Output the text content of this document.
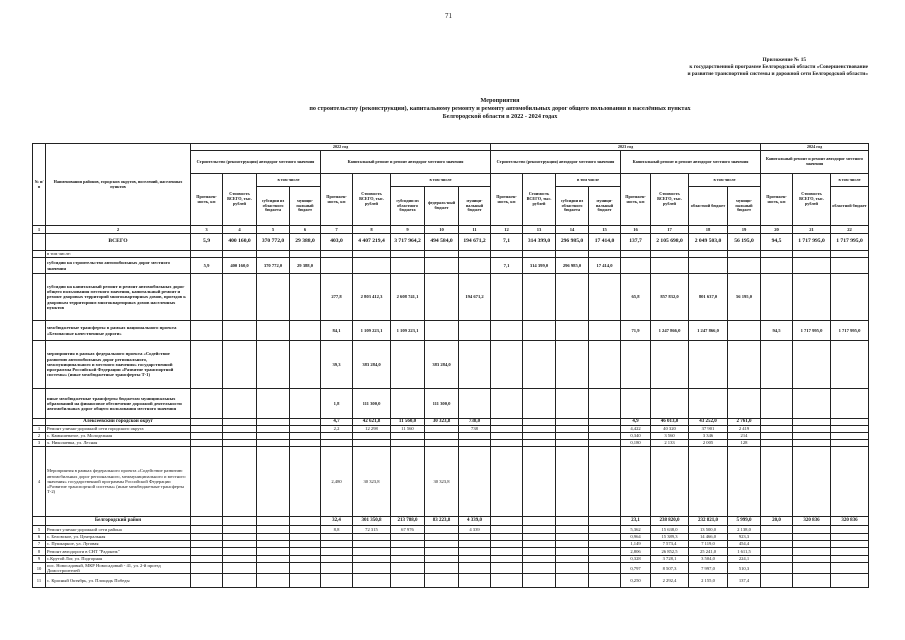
71
Приложение № 15
к государственной программе Белгородской области «Совершенствование
и развитие транспортной системы и дорожной сети Белгородской области»
Мероприятия
по строительству (реконструкции), капитальному ремонту и ремонту автомобильных дорог общего пользования в населённых пунктах
Белгородской области в 2022 - 2024 годах
№ п/п	Наименования районов, городских округов, поселений, населенных пунктов	2022 год									2023 год								2024 год		
		Строительство (реконструкция) автодорог местного значения				Капитальный ремонт и ремонт автодорог местного значения					Строительство (реконструкция) автодорог местного значения				Капитальный ремонт и ремонт автодорог местного значения				Капитальный ремонт и ремонт автодорог местного значения		
		Протяжен-ность, км	Стоимость ВСЕГО, тыс. рублей	в том числе		Протяжен-ность, км	Стоимость ВСЕГО, тыс. рублей	в том числе			Протяжен-ность, км	Стоимость ВСЕГО, тыс. рублей	в том числе		Протяжен-ность, км	Стоимость ВСЕГО, тыс. рублей	в том числе		Протяжен-ность, км	Стоимость ВСЕГО, тыс. рублей	в том числе
				субсидии из областного бюджета	муници-пальный бюджет			субсидии из областного бюджета	федераль-ный бюджет	муници-пальный бюджет			субсидии из областного бюджета	муници-пальный бюджет			областной бюджет	муници-пальный бюджет			областной бюджет
1	2	3	4	5	6	7	8	9	10	11	12	13	14	15	16	17	18	19	20	21	22
	ВСЕГО	5,9	400 160,0	370 772,0	29 388,0	403,0	4 407 219,4	3 717 964,2	494 584,0	194 671,2	7,1	314 399,0	296 985,0	17 414,0	137,7	2 105 698,0	2 049 503,0	56 195,0	94,5	1 717 995,0	1 717 995,0
	в том числе:																				
	субсидии на строительство автомобильных дорог местного значения	5,9	400 160,0	370 772,0	29 388,0						7,1	314 399,0	296 985,0	17 414,0							
	субсидии на капитальный ремонт и ремонт автомобильных дорог общего пользования местного значения, капитальный ремонт и ремонт дворовых территорий многоквартирных домов, проездов к дворовым территориям многоквартирных домов населенных пунктов					277,8	2 803 412,3	2 608 741,1		194 671,2					65,8	857 832,0	801 637,0	56 195,0			
	межбюджетные трансферты в рамках национального проекта «Безопасные качественные дороги»					84,1	1 109 223,1	1 109 223,1							71,9	1 247 866,0	1 247 866,0		94,5	1 717 995,0	1 717 995,0
	мероприятия в рамках федерального проекта «Содействие развитию автомобильных дорог регионального, межмуниципального и местного значения» государственной программы Российской Федерации «Развитие транспортной системы» (иные межбюджетные трансферты Т-1)					39,3	383 284,0		383 284,0												
	иные межбюджетные трансферты бюджетам муниципальных образований на финансовое обеспечение дорожной деятельности автомобильных дорог общего пользования местного значения					1,8	111 300,0		111 300,0												
	Алексеевский городской округ					4,7	42 621,8	11 560,0	30 323,8	738,0					4,9	46 013,0	43 252,0	2 761,0			
1	Ремонт улично-дорожной сети городского округа					2,2	12 298	11 560		738					4,422	40 320	37 901	2 419			
2	с. Камышеватое, ул. Молодежная														0,340	3 560	3 346	214			
3	х. Николаевка, ул. Лесная														0,180	2 133	2 005	128			
4	Мероприятия в рамках федерального проекта «Содействие развитию автомобильных дорог регионального, межмуниципального и местного значения» государственной программы Российской Федерации «Развитие транспортной системы» (иные межбюджетные трансферты Т-2)					2,480	30 323,8		30 323,8												
	Белгородский район					32,4	301 350,8	213 788,0	83 223,8	4 339,0					23,1	238 820,0	232 821,0	5 999,0	20,0	320 836	320 836
5	Ремонт улично-дорожной сети района					8,8	72 315	67 976		4 339					5,362	15 638,0	13 500,0	2 138,0			
6	с. Беловское, ул. Центральная														0,964	15 389,3	14 466,0	923,3			
7	с. Пушкарное, ул. Луговая														1,149	7 573,4	7 119,0	454,4			
8	Ремонт автодороги в СНТ "Радонеж"														2,806	26 852,5	25 241,0	1 611,5			
9	с.Крутой Лог, ул. Подгорная														0,328	3 728,1	3 504,0	224,1			
10	пос. Новосадовый, МКР Новосадовый - 41, ул. 2-й проезд Домостроителей														0,797	8 507,3	7 997,0	510,3			
11	с. Красный Октябрь, ул. Площадь Победы														0,250	2 292,4	2 155,0	137,4			
